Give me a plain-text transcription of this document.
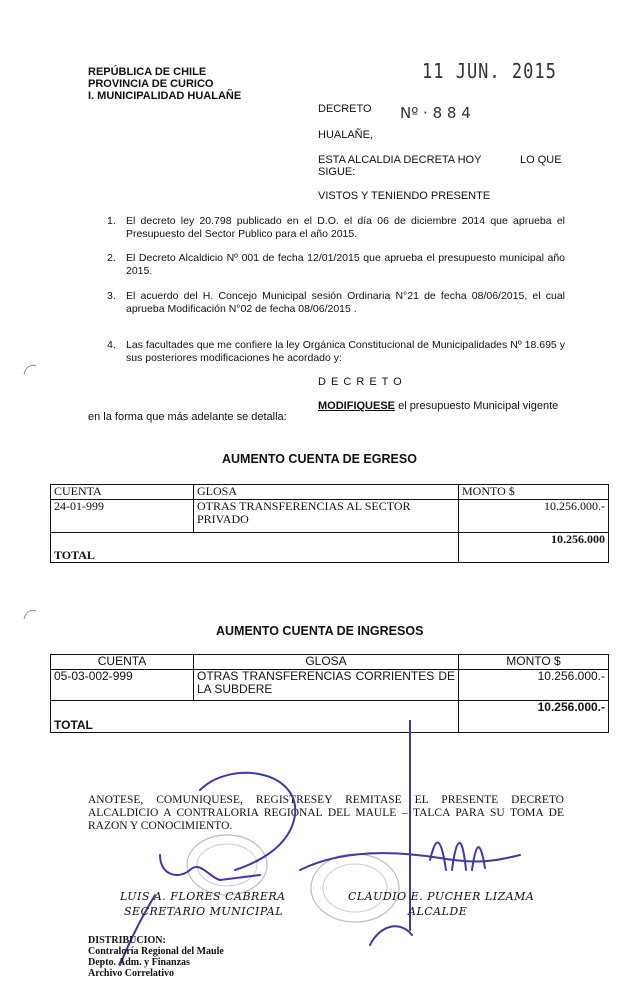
REPÚBLICA DE CHILE
PROVINCIA DE CURICO
I. MUNICIPALIDAD HUALAÑE
11 JUN. 2015
DECRETO Nº · 8 8 4
HUALAÑE,
ESTA ALCALDIA DECRETA HOY	LO QUE
SIGUE:
VISTOS Y TENIENDO PRESENTE
1. El decreto ley 20.798 publicado en el D.O. el día 06 de diciembre 2014 que aprueba el Presupuesto del Sector Publico para el año 2015.
2. El Decreto Alcaldicio Nº 001 de fecha 12/01/2015 que aprueba el presupuesto municipal año 2015.
3. El acuerdo del H. Concejo Municipal sesión Ordinaria N°21 de fecha 08/06/2015, el cual aprueba Modificación N°02 de fecha 08/06/2015 .
4. Las facultades que me confiere la ley Orgánica Constitucional de Municipalidades Nº 18.695 y sus posteriores modificaciones he acordado y:
D E C R E T O
MODIFIQUESE el presupuesto Municipal vigente
en la forma que más adelante se detalla:
AUMENTO CUENTA DE EGRESO
CUENTA	GLOSA	MONTO $
24-01-999	OTRAS TRANSFERENCIAS AL SECTOR PRIVADO	10.256.000.-
TOTAL		10.256.000
AUMENTO CUENTA DE INGRESOS
CUENTA	GLOSA	MONTO $
05-03-002-999	OTRAS TRANSFERENCIAS CORRIENTES DE LA SUBDERE	10.256.000.-
TOTAL		10.256.000.-
ANOTESE, COMUNIQUESE, REGISTRESEY REMITASE EL PRESENTE DECRETO ALCALDICIO A CONTRALORIA REGIONAL DEL MAULE – TALCA PARA SU TOMA DE RAZON Y CONOCIMIENTO.
LUIS A. FLORES CABRERA
SECRETARIO MUNICIPAL
CLAUDIO E. PUCHER LIZAMA
ALCALDE
DISTRIBUCION:
Contraloría Regional del Maule
Depto. Adm. y Finanzas
Archivo Correlativo
